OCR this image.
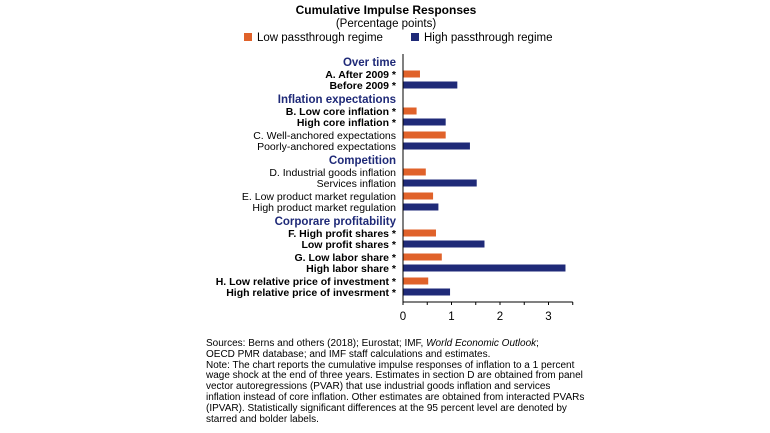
Cumulative Impulse Responses
(Percentage points)
Low passthrough regime	High passthrough regime
Over time
A. After 2009 *
Before 2009 *
Inflation expectations
B. Low core inflation *
High core inflation *
C. Well-anchored expectations
Poorly-anchored expectations
Competition
D. Industrial goods inflation
Services inflation
E. Low product market regulation
High product market regulation
Corporare profitability
F. High profit shares *
Low profit shares *
G. Low labor share *
High labor share *
H. Low relative price of investment *
High relative price of invesrment *
0	1	2	3

Sources: Berns and others (2018); Eurostat; IMF, World Economic Outlook;

OECD PMR database; and IMF staff calculations and estimates.

Note: The chart reports the cumulative impulse responses of inflation to a 1 percent wage shock at the end of three years. Estimates in section D are obtained from panel vector autoregressions (PVAR) that use industrial goods inflation and services inflation instead of core inflation. Other estimates are obtained from interacted PVARs (IPVAR). Statistically significant differences at the 95 percent level are denoted by starred and bolder labels.
